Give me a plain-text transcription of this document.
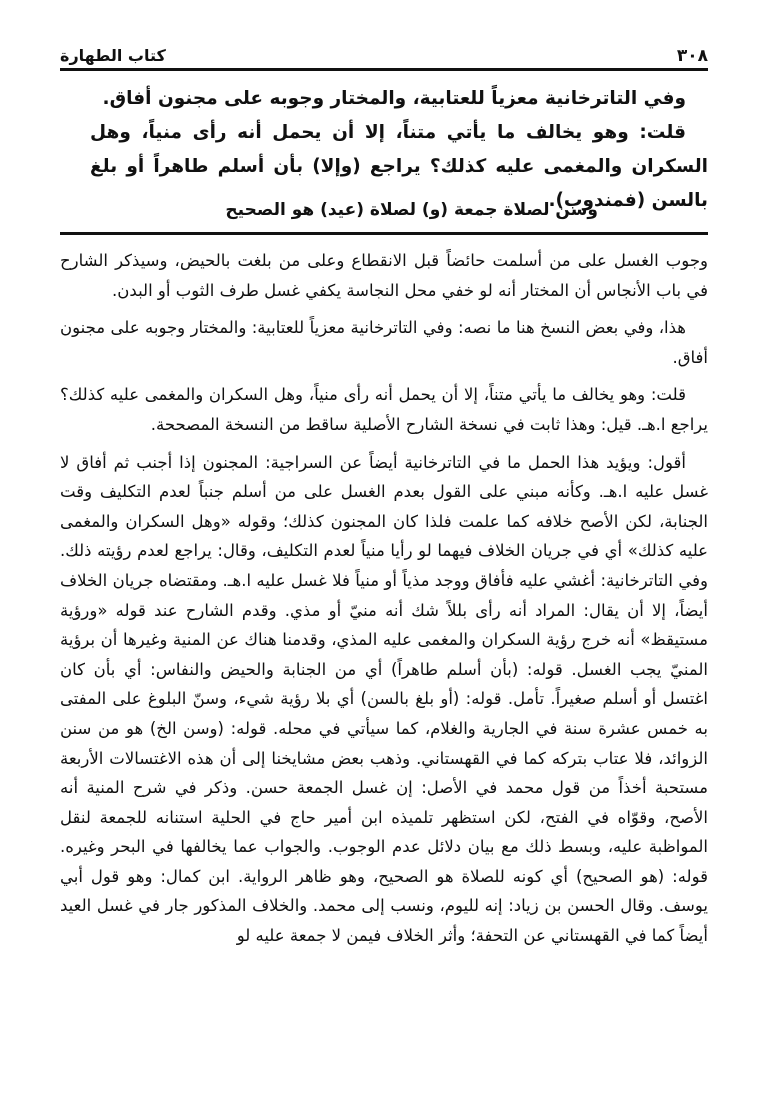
٣٠٨
كتاب الطهارة

وفي التاترخانية معزياً للعتابية، والمختار وجوبه على مجنون أفاق.

قلت: وهو يخالف ما يأتي متناً، إلا أن يحمل أنه رأى منياً، وهل السكران والمغمى عليه كذلك؟ يراجع (وإلا) بأن أسلم طاهراً أو بلغ بالسن (فمندوب).

وسن لصلاة جمعة (و) لصلاة (عيد) هو الصحيح

وجوب الغسل على من أسلمت حائضاً قبل الانقطاع وعلى من بلغت بالحيض، وسيذكر الشارح في باب الأنجاس أن المختار أنه لو خفي محل النجاسة يكفي غسل طرف الثوب أو البدن.

هذا، وفي بعض النسخ هنا ما نصه: وفي التاترخانية معزياً للعتابية: والمختار وجوبه على مجنون أفاق.

قلت: وهو يخالف ما يأتي متناً، إلا أن يحمل أنه رأى منياً، وهل السكران والمغمى عليه كذلك؟ يراجع ا.هـ. قيل: وهذا ثابت في نسخة الشارح الأصلية ساقط من النسخة المصححة.

أقول: ويؤيد هذا الحمل ما في التاترخانية أيضاً عن السراجية: المجنون إذا أجنب ثم أفاق لا غسل عليه ا.هـ. وكأنه مبني على القول بعدم الغسل على من أسلم جنباً لعدم التكليف وقت الجنابة، لكن الأصح خلافه كما علمت فلذا كان المجنون كذلك؛ وقوله «وهل السكران والمغمى عليه كذلك» أي في جريان الخلاف فيهما لو رأيا منياً لعدم التكليف، وقال: يراجع لعدم رؤيته ذلك. وفي التاترخانية: أغشي عليه فأفاق ووجد مذياً أو منياً فلا غسل عليه ا.هـ. ومقتضاه جريان الخلاف أيضاً، إلا أن يقال: المراد أنه رأى بللاً شك أنه منيّ أو مذي. وقدم الشارح عند قوله «ورؤية مستيقظ» أنه خرج رؤية السكران والمغمى عليه المذي، وقدمنا هناك عن المنية وغيرها أن برؤية المنيّ يجب الغسل. قوله: (بأن أسلم طاهراً) أي من الجنابة والحيض والنفاس: أي بأن كان اغتسل أو أسلم صغيراً. تأمل. قوله: (أو بلغ بالسن) أي بلا رؤية شيء، وسنّ البلوغ على المفتى به خمس عشرة سنة في الجارية والغلام، كما سيأتي في محله. قوله: (وسن الخ) هو من سنن الزوائد، فلا عتاب بتركه كما في القهستاني. وذهب بعض مشايخنا إلى أن هذه الاغتسالات الأربعة مستحبة أخذاً من قول محمد في الأصل: إن غسل الجمعة حسن. وذكر في شرح المنية أنه الأصح، وقوّاه في الفتح، لكن استظهر تلميذه ابن أمير حاج في الحلية استنانه للجمعة لنقل المواظبة عليه، وبسط ذلك مع بيان دلائل عدم الوجوب. والجواب عما يخالفها في البحر وغيره. قوله: (هو الصحيح) أي كونه للصلاة هو الصحيح، وهو ظاهر الرواية. ابن كمال: وهو قول أبي يوسف. وقال الحسن بن زياد: إنه لليوم، ونسب إلى محمد. والخلاف المذكور جار في غسل العيد أيضاً كما في القهستاني عن التحفة؛ وأثر الخلاف فيمن لا جمعة عليه لو
